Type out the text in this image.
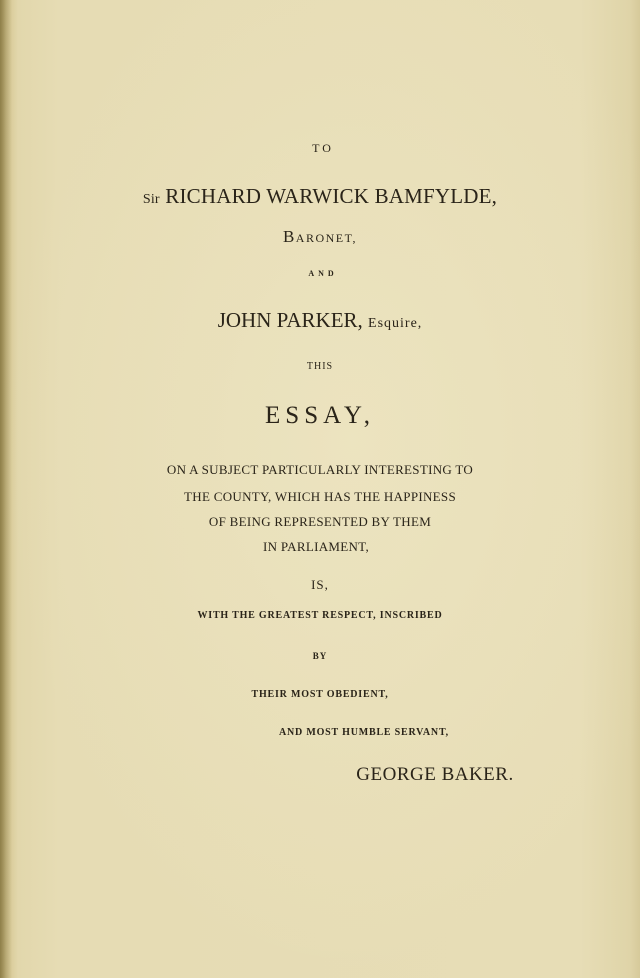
TO
Sir RICHARD WARWICK BAMFYLDE,
BARONET,
AND
JOHN PARKER, Esquire,
THIS
ESSAY,
ON A SUBJECT PARTICULARLY INTERESTING TO
THE COUNTY, WHICH HAS THE HAPPINESS
OF BEING REPRESENTED BY THEM
IN PARLIAMENT,
IS,
WITH THE GREATEST RESPECT, INSCRIBED
BY
THEIR MOST OBEDIENT,
AND MOST HUMBLE SERVANT,
GEORGE BAKER.
